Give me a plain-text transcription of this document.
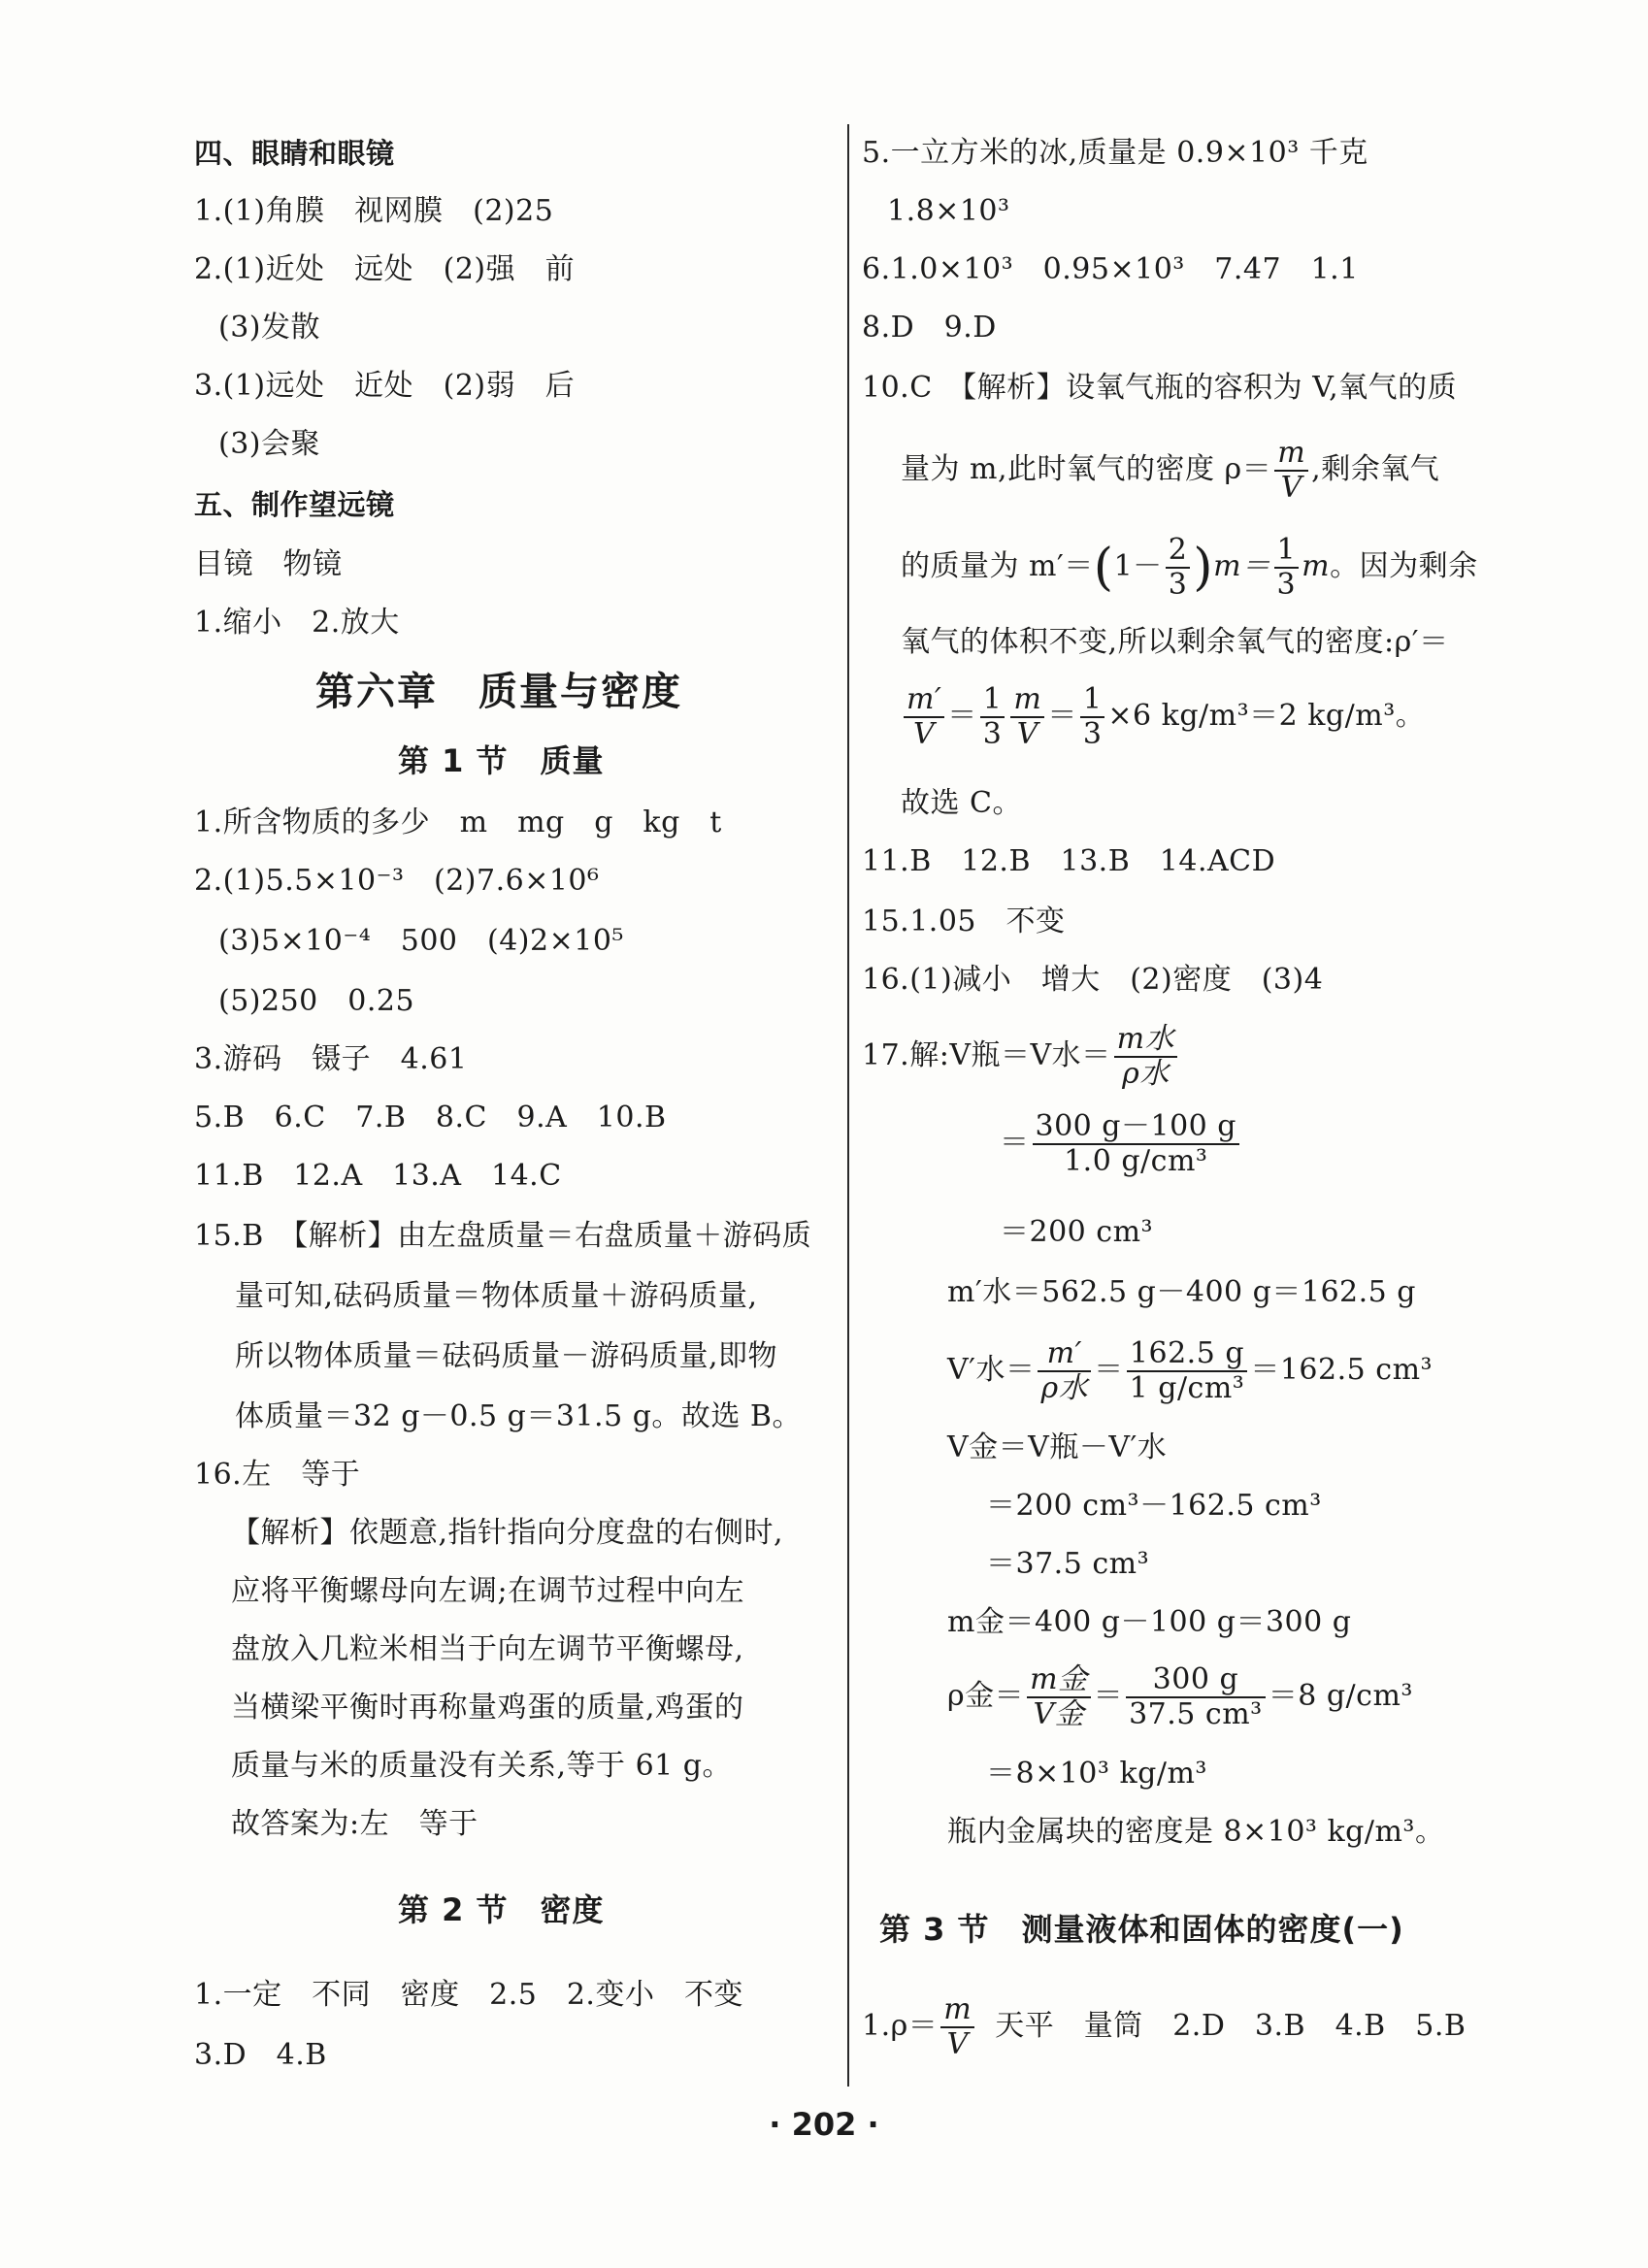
四、眼睛和眼镜
1.(1)角膜　视网膜　(2)25
2.(1)近处　远处　(2)强　前
(3)发散
3.(1)远处　近处　(2)弱　后
(3)会聚
五、制作望远镜
目镜　物镜
1.缩小　2.放大
第六章　质量与密度
第 1 节　质量
1.所含物质的多少　m　mg　g　kg　t
2.(1)5.5×10⁻³　(2)7.6×10⁶
(3)5×10⁻⁴　500　(4)2×10⁵
(5)250　0.25
3.游码　镊子　4.61
5.B　6.C　7.B　8.C　9.A　10.B
11.B　12.A　13.A　14.C
15.B　【解析】由左盘质量＝右盘质量＋游码质
量可知,砝码质量＝物体质量＋游码质量,
所以物体质量＝砝码质量－游码质量,即物
体质量＝32 g－0.5 g＝31.5 g。故选 B。
16.左　等于
【解析】依题意,指针指向分度盘的右侧时,
应将平衡螺母向左调;在调节过程中向左
盘放入几粒米相当于向左调节平衡螺母,
当横梁平衡时再称量鸡蛋的质量,鸡蛋的
质量与米的质量没有关系,等于 61 g。
故答案为:左　等于
第 2 节　密度
1.一定　不同　密度　2.5　2.变小　不变
3.D　4.B
5.一立方米的冰,质量是 0.9×10³ 千克
1.8×10³
6.1.0×10³　0.95×10³　7.47　1.1
8.D　9.D
10.C　【解析】设氧气瓶的容积为 V,氧气的质
量为 m,此时氧气的密度 $\rho= \frac{m}{V}$ ,剩余氧气
的质量为 $m'=(1- \frac{2}{3} )m= \frac{1}{3}$ m。因为剩余
氧气的体积不变,所以剩余氧气的密度:ρ′＝
$\frac{m'}{V} = \frac{1}{3} \frac{m}{V} = \frac{1}{3} \times 6$ kg/m³＝2 kg/m³。
故选 C。
11.B　12.B　13.B　14.ACD
15.1.05　不变
16.(1)减小　增大　(2)密度　(3)4
17.解:V瓶＝V水＝ $\frac{\text{m水}}{\text{ρ水}}$
＝ $\frac{300 g-100 g}{\text{1.0 g/cm³}}$
＝200 cm³
m′水＝562.5 g－400 g＝162.5 g
V′水＝ $\frac{m'}{\text{ρ水}} = \frac{162.5 g}{\text{1 g/cm³}} =162.5$ cm³
V金＝V瓶－V′水
＝200 cm³－162.5 cm³
＝37.5 cm³
m金＝400 g－100 g＝300 g
ρ金＝ $\frac{\text{m金}}{\text{V金}} = \frac{300 g}{\text{37.5 cm³}} =8$ g/cm³
＝8×10³ kg/m³
瓶内金属块的密度是 8×10³ kg/m³。
第 3 节　测量液体和固体的密度(一)
$1.\rho= \frac{m}{V}$ 天平　量筒　2.D　3.B　4.B　5.B
· 202 ·
